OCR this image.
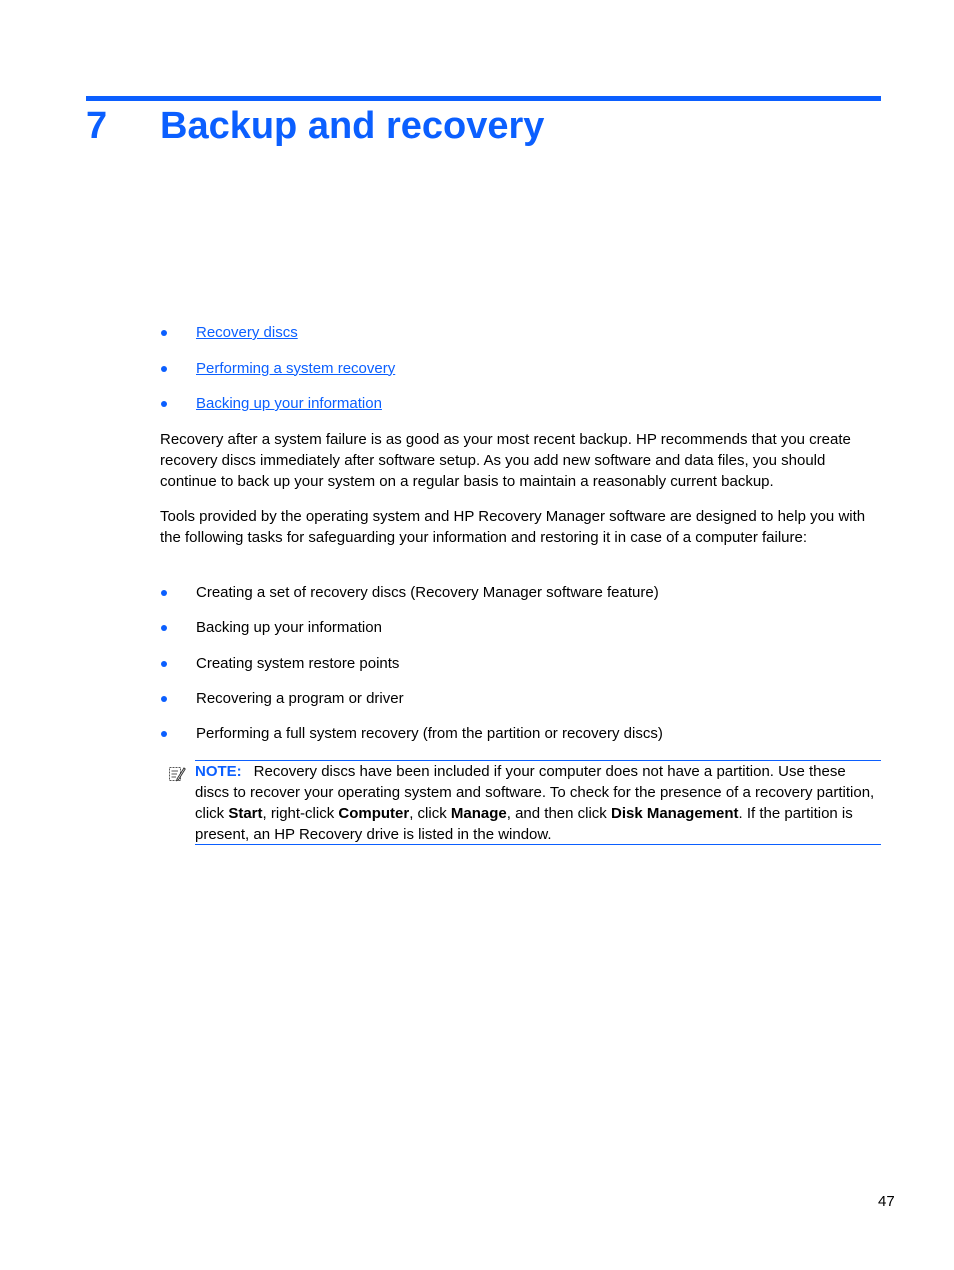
7 Backup and recovery
Recovery discs
Performing a system recovery
Backing up your information

Recovery after a system failure is as good as your most recent backup. HP recommends that you create recovery discs immediately after software setup. As you add new software and data files, you should continue to back up your system on a regular basis to maintain a reasonably current backup.

Tools provided by the operating system and HP Recovery Manager software are designed to help you with the following tasks for safeguarding your information and restoring it in case of a computer failure:

Creating a set of recovery discs (Recovery Manager software feature)
Backing up your information
Creating system restore points
Recovering a program or driver
Performing a full system recovery (from the partition or recovery discs)

NOTE: Recovery discs have been included if your computer does not have a partition. Use these discs to recover your operating system and software. To check for the presence of a recovery partition, click Start, right-click Computer, click Manage, and then click Disk Management. If the partition is present, an HP Recovery drive is listed in the window.

47
